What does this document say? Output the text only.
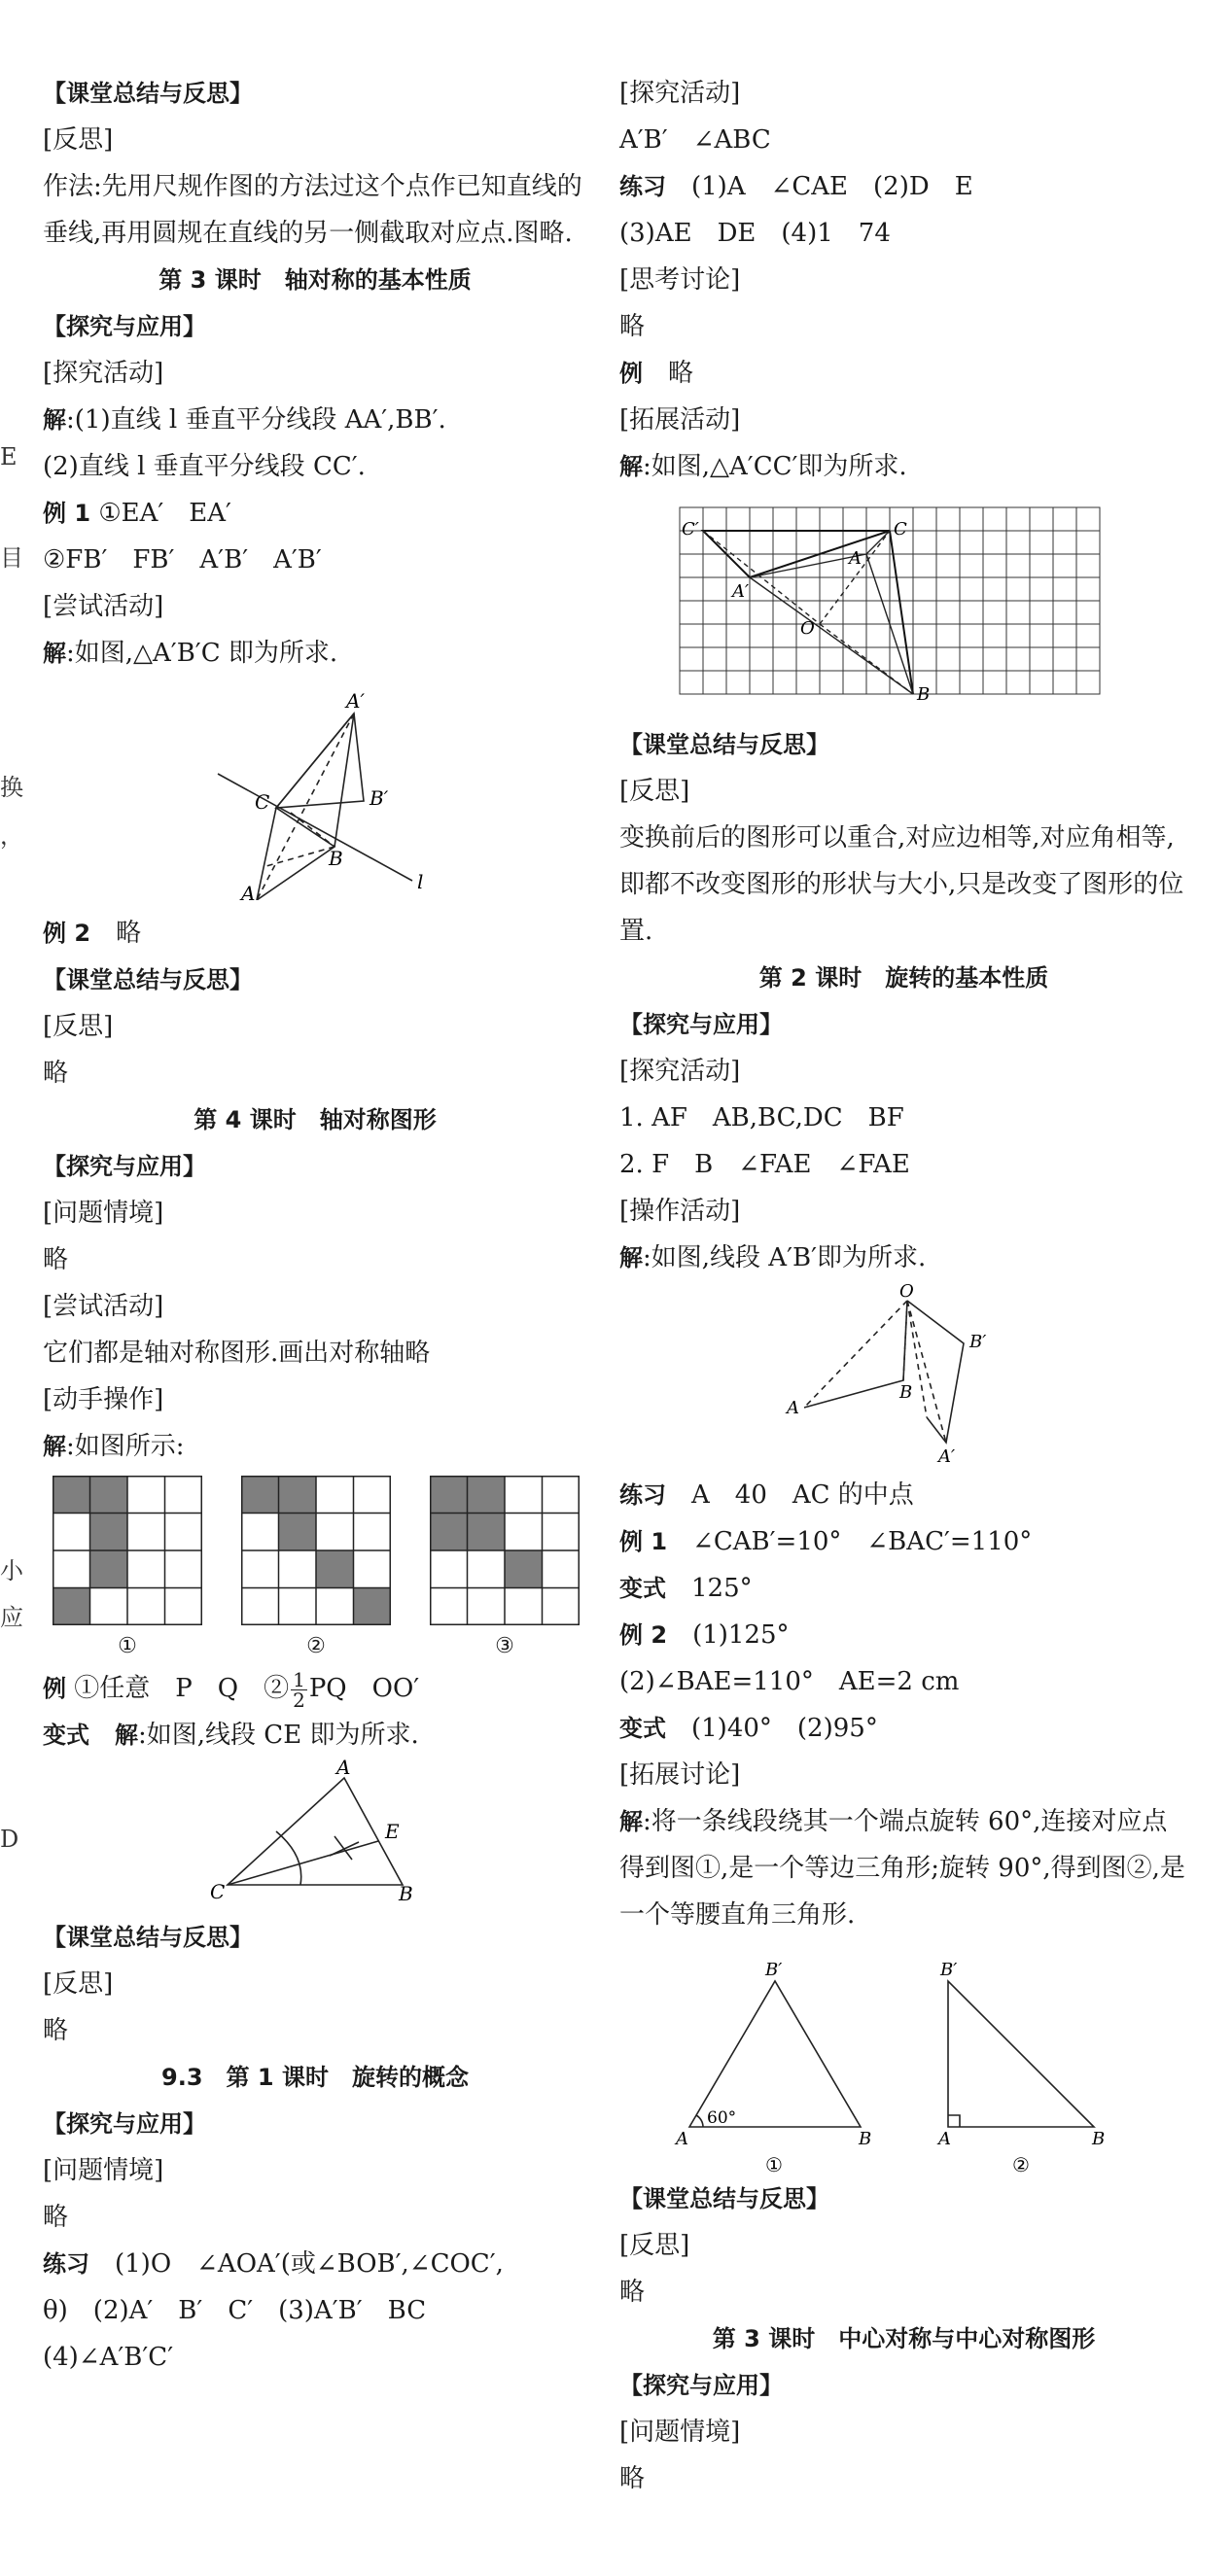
E
目
换
，
小
应
D
【课堂总结与反思】
[反思]
作法:先用尺规作图的方法过这个点作已知直线的垂线,再用圆规在直线的另一侧截取对应点.图略.
第 3 课时　轴对称的基本性质
【探究与应用】
[探究活动]
解:(1)直线 l 垂直平分线段 AA′,BB′.
(2)直线 l 垂直平分线段 CC′.
例 1 ①EA′　EA′
②FB′　FB′　A′B′　A′B′
[尝试活动]
解:如图,△A′B′C 即为所求.
A′
B′
C
B
A	l
例 2　略
【课堂总结与反思】
[反思]
略
第 4 课时　轴对称图形
【探究与应用】
[问题情境]
略
[尝试活动]
它们都是轴对称图形.画出对称轴略
[动手操作]
解:如图所示:
①	②	③
例 ①任意　P　Q　② $\frac{1}{2}$ PQ　OO′
变式　 解:如图,线段 CE 即为所求.
A
E
C	B
【课堂总结与反思】
[反思]
略
9.3　第 1 课时　旋转的概念
【探究与应用】
[问题情境]
略
练习　(1)O　∠AOA′(或∠BOB′,∠COC′,
θ)　(2)A′　B′　C′　(3)A′B′　BC
(4)∠A′B′C′
[探究活动]
A′B′　∠ABC
练习　(1)A　∠CAE　(2)D　E
(3)AE　DE　(4)1　74
[思考讨论]
略
例　略
[拓展活动]
解:如图,△A′CC′即为所求.
C′	C
A′
A
O
B
【课堂总结与反思】
[反思]
变换前后的图形可以重合,对应边相等,对应角相等,即都不改变图形的形状与大小,只是改变了图形的位置.
第 2 课时　旋转的基本性质
【探究与应用】
[探究活动]
1. AF　AB,BC,DC　BF
2. F　B　∠FAE　∠FAE
[操作活动]
解:如图,线段 A′B′即为所求.
O
B′
A
B
A′
练习　A　40　AC 的中点
例 1　∠CAB′=10°　∠BAC′=110°
变式　125°
例 2　(1)125°
(2)∠BAE=110°　AE=2 cm
变式　(1)40°　(2)95°
[拓展讨论]
解:将一条线段绕其一个端点旋转 60°,连接对应点得到图①,是一个等边三角形;旋转 90°,得到图②,是一个等腰直角三角形.
B′
60°
A	B
①
B′
A	B
②
【课堂总结与反思】
[反思]
略
第 3 课时　中心对称与中心对称图形
【探究与应用】
[问题情境]
略
